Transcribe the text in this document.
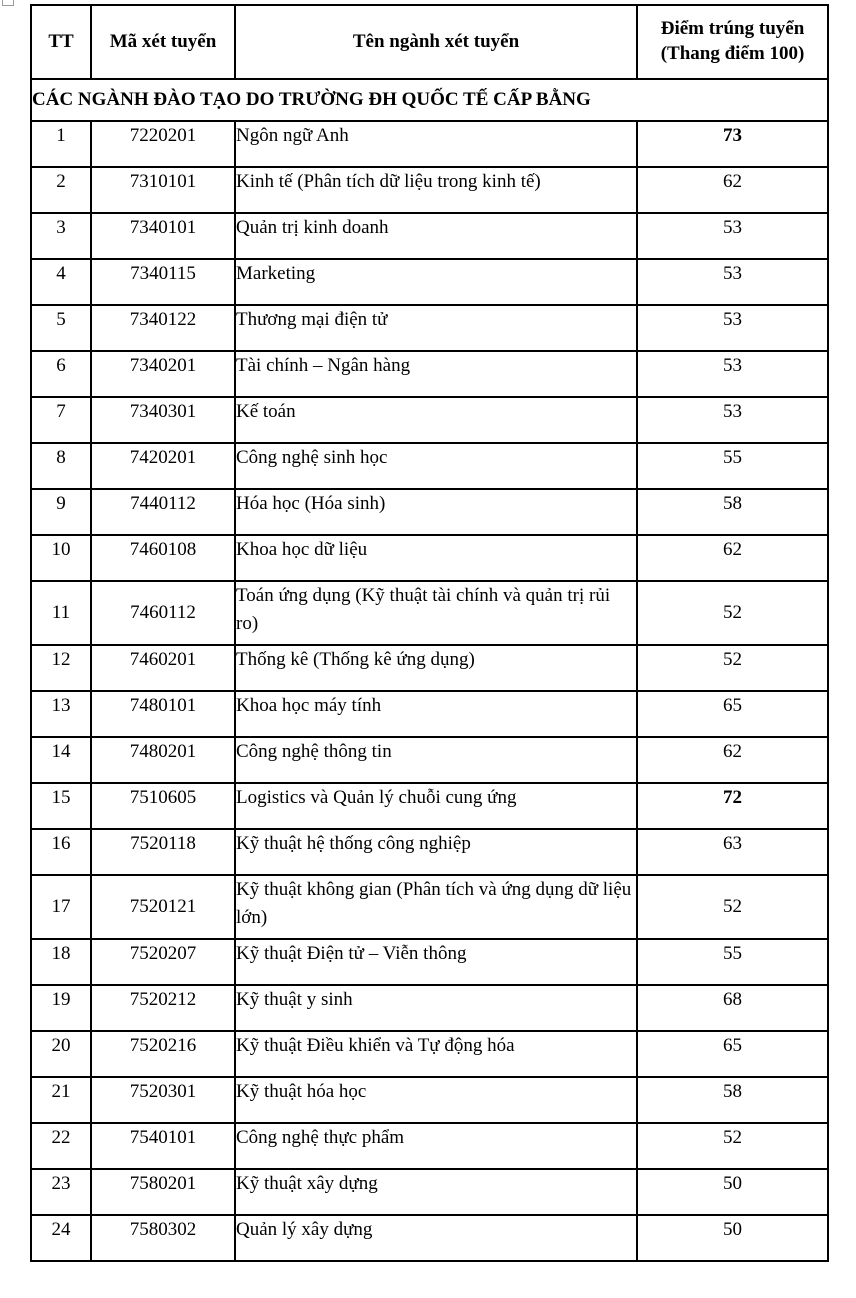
TT	Mã xét tuyển	Tên ngành xét tuyển	Điểm trúng tuyển
(Thang điểm 100)
CÁC NGÀNH ĐÀO TẠO DO TRƯỜNG ĐH QUỐC TẾ CẤP BẰNG			
1	7220201	Ngôn ngữ Anh	73
2	7310101	Kinh tế (Phân tích dữ liệu trong kinh tế)	62
3	7340101	Quản trị kinh doanh	53
4	7340115	Marketing	53
5	7340122	Thương mại điện tử	53
6	7340201	Tài chính – Ngân hàng	53
7	7340301	Kế toán	53
8	7420201	Công nghệ sinh học	55
9	7440112	Hóa học (Hóa sinh)	58
10	7460108	Khoa học dữ liệu	62
11	7460112	Toán ứng dụng (Kỹ thuật tài chính và quản trị rủi ro)	52
12	7460201	Thống kê (Thống kê ứng dụng)	52
13	7480101	Khoa học máy tính	65
14	7480201	Công nghệ thông tin	62
15	7510605	Logistics và Quản lý chuỗi cung ứng	72
16	7520118	Kỹ thuật hệ thống công nghiệp	63
17	7520121	Kỹ thuật không gian (Phân tích và ứng dụng dữ liệu lớn)	52
18	7520207	Kỹ thuật Điện tử – Viễn thông	55
19	7520212	Kỹ thuật y sinh	68
20	7520216	Kỹ thuật Điều khiển và Tự động hóa	65
21	7520301	Kỹ thuật hóa học	58
22	7540101	Công nghệ thực phẩm	52
23	7580201	Kỹ thuật xây dựng	50
24	7580302	Quản lý xây dựng	50
